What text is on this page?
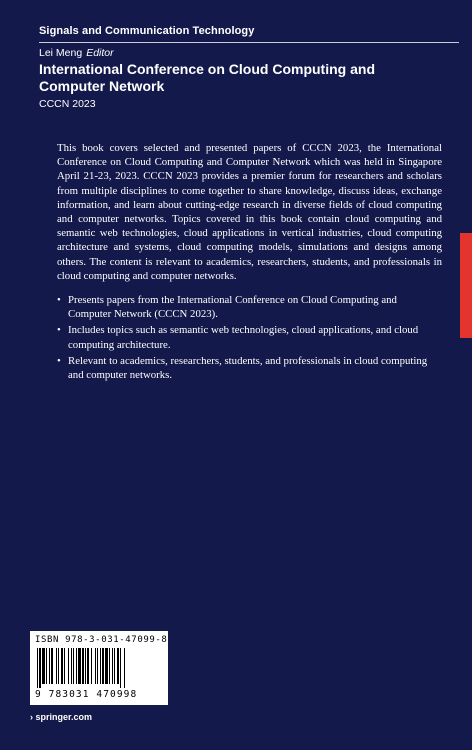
Signals and Communication Technology
Lei Meng Editor
International Conference on Cloud Computing and Computer Network
CCCN 2023
This book covers selected and presented papers of CCCN 2023, the International Conference on Cloud Computing and Computer Network which was held in Singapore April 21-23, 2023. CCCN 2023 provides a premier forum for researchers and scholars from multiple disciplines to come together to share knowledge, discuss ideas, exchange information, and learn about cutting-edge research in diverse fields of cloud computing and computer networks. Topics covered in this book contain cloud computing and semantic web technologies, cloud applications in vertical industries, cloud computing architecture and systems, cloud computing models, simulations and designs among others. The content is relevant to academics, researchers, students, and professionals in cloud computing and computer networks.
• Presents papers from the International Conference on Cloud Computing and Computer Network (CCCN 2023).
• Includes topics such as semantic web technologies, cloud applications, and cloud computing architecture.
• Relevant to academics, researchers, students, and professionals in cloud computing and computer networks.
ISBN 978-3-031-47099-8
9 783031 470998
› springer.com
